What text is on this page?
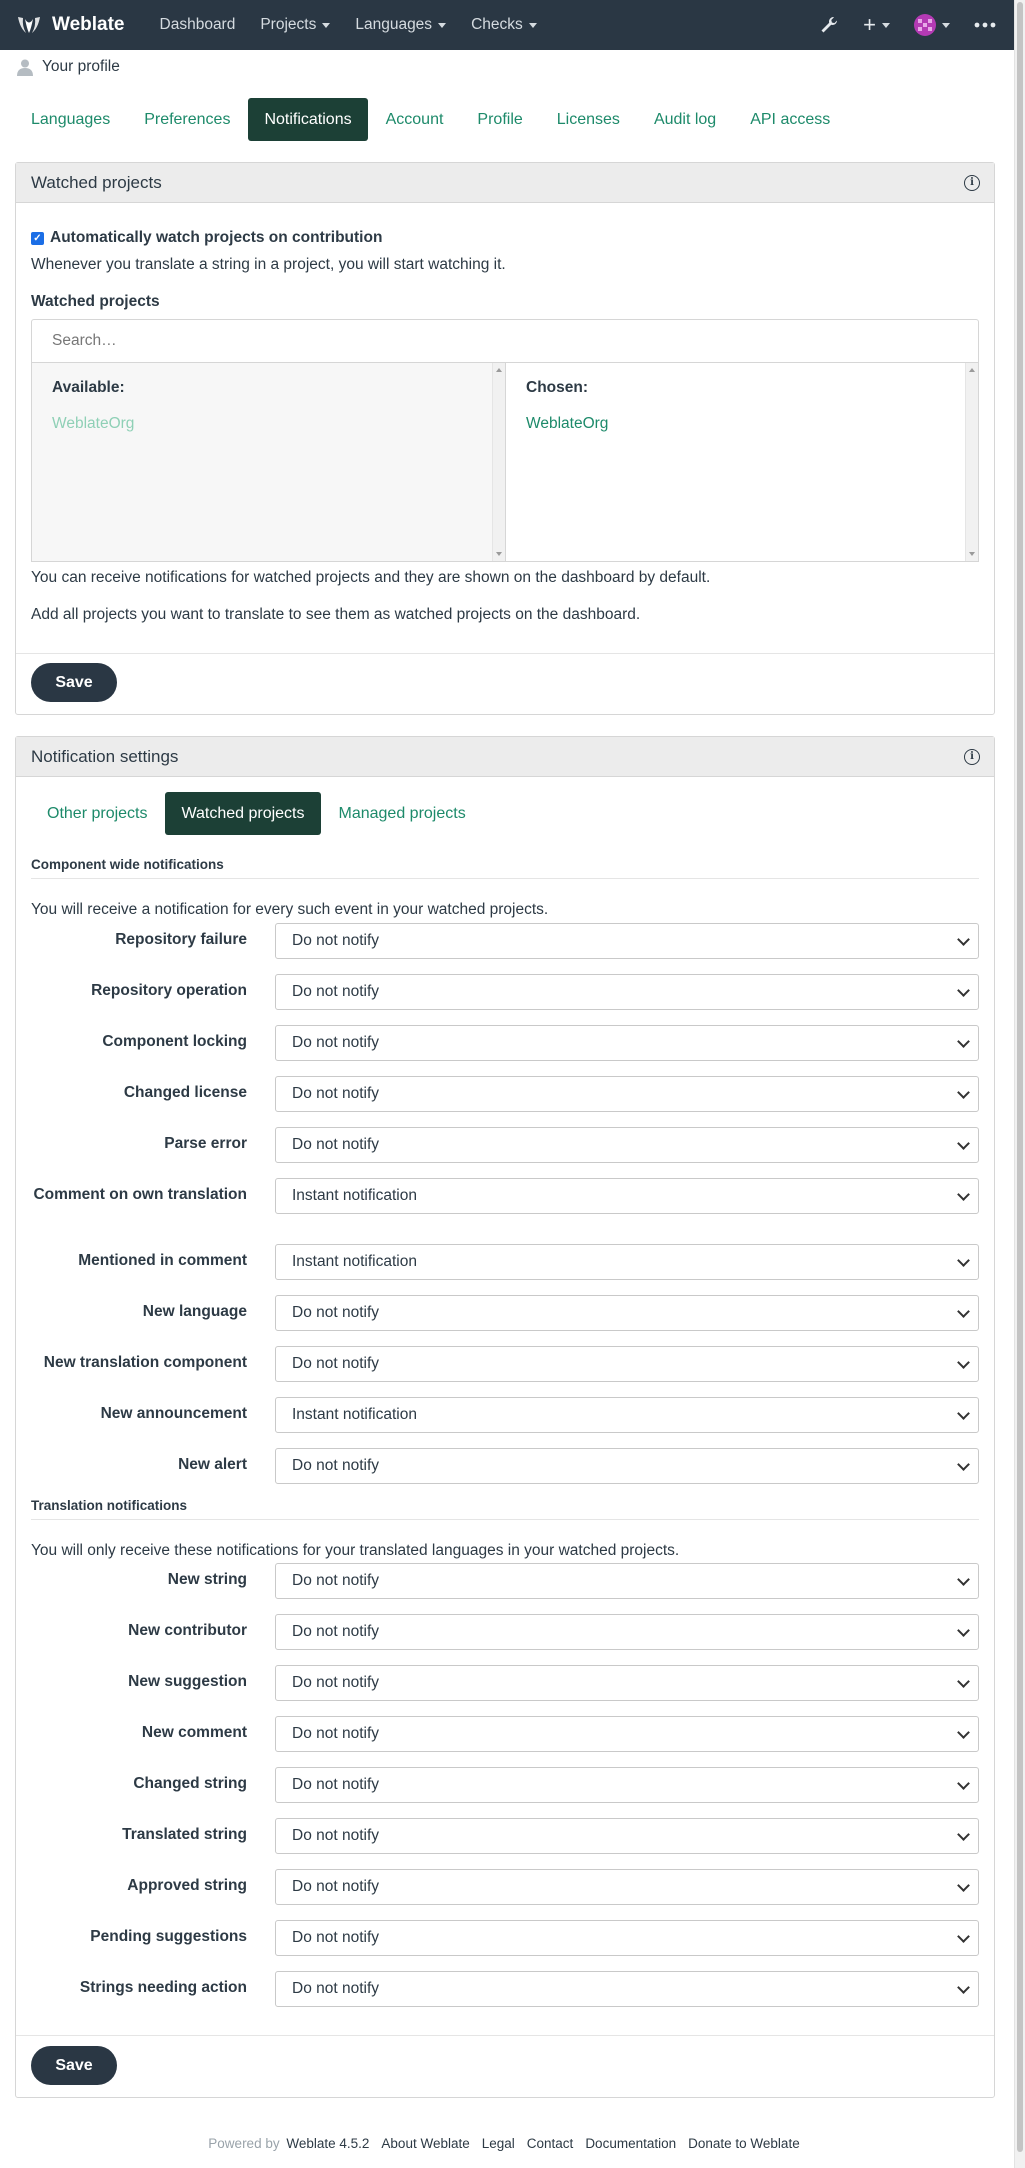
Weblate Dashboard Projects	Languages	Checks	+
Your profile
Languages	Preferences	Notifications	Account	Profile	Licenses	Audit log	API access
Watched projects	i
✓ Automatically watch projects on contribution
Whenever you translate a string in a project, you will start watching it.
Watched projects
Search…
Available:
WeblateOrg
Chosen:
WeblateOrg
You can receive notifications for watched projects and they are shown on the dashboard by default.
Add all projects you want to translate to see them as watched projects on the dashboard.
Save
Notification settings	i
Other projects	Watched projects	Managed projects
Component wide notifications
You will receive a notification for every such event in your watched projects.
Translation notifications
You will only receive these notifications for your translated languages in your watched projects.
Save
Repository failure	Do not notify
Repository operation	Do not notify
Component locking	Do not notify
Changed license	Do not notify
Parse error	Do not notify
Comment on own translation	Instant notification
Mentioned in comment	Instant notification
New language	Do not notify
New translation component	Do not notify
New announcement	Instant notification
New alert	Do not notify
New string	Do not notify
New contributor	Do not notify
New suggestion	Do not notify
New comment	Do not notify
Changed string	Do not notify
Translated string	Do not notify
Approved string	Do not notify
Pending suggestions	Do not notify
Strings needing action	Do not notify
Powered by Weblate 4.5.2 About Weblate Legal Contact Documentation Donate to Weblate
